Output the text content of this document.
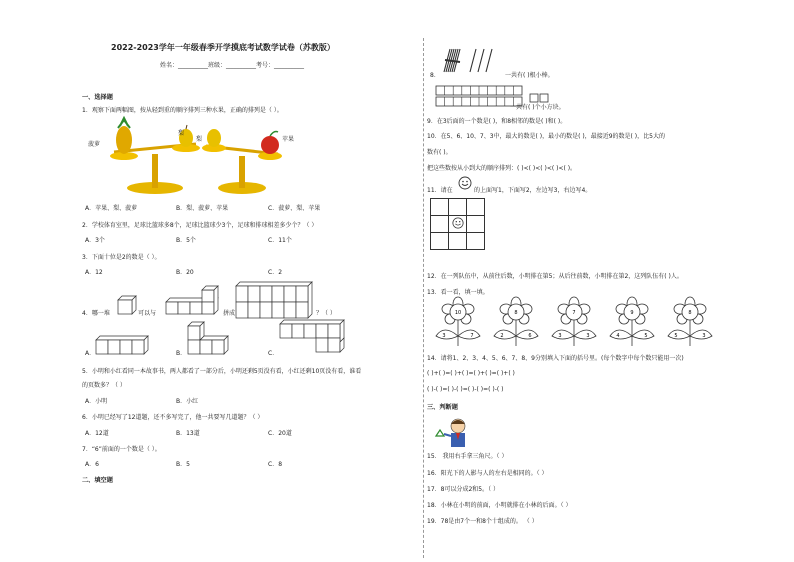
2022-2023学年一年级春季开学摸底考试数学试卷（苏教版）
姓名：__________班级：__________考号：__________
一、选择题
1．观察下面两幅图，按从轻到重的顺序排列三种水果，正确的排列是（ ）。
菠萝
梨
梨	苹果
A．苹果、梨、菠萝	B．梨、菠萝、苹果	C．菠萝、梨、苹果
2．学校体育室里，足球比篮球多8个，足球比篮球少3个，足球和排球相差多少个？（ ）
A．3个	B．5个	C．11个
3．下面十位是2的数是（ ）。
A．12	B．20	C．2
4．哪一堆	可以与	拼成	？（ ）
A．	B．	C．
5．小明和小红看同一本故事书，两人都看了一部分后，小明还剩5页没有看，小红还剩10页没有看，谁看
的页数多？（ ）
A．小明	B．小红
6．小明已经写了12道题，还不多写完了，他一共要写几道题？（ ）
A．12道	B．13道	C．20道
7．“6”前面的一个数是（ ）。
A．6	B．5	C．8
二、填空题
8．	一共有( )根小棒。
一共有( )个小方块。
9．在3后面的一个数是( )，和8相邻的数是( )和( )。
10．在5、6、10、7、3中，最大的数是( )，最小的数是( )，最接近9的数是( )，比5大的
数有( )。
把这些数按从小到大的顺序排列：( )<( )<( )<( )<( )。
11．请在	的上面写1，下面写2，左边写3，右边写4。

12．在一列队伍中，从前往后数，小明排在第5；从后往前数，小明排在第2，这列队伍有( )人。
13．看一看，填一填。
10
3	7
8
2	6
7
3	3
9
4	5
8
5	3
14．请将1、2、3、4、5、6、7、8、9分别填入下面的括号里。(每个数字中每个数只能用一次)
( )+( )=( )+( )=( )+( )=( )+( )
( )-( )=( )-( )=( )-( )=( )-( )
三、判断题
15． 我用右手拿三角尺。（ ）
16．阳光下的人影与人的左右是相同的。（ ）
17．8可以分成2和5。（ ）
18．小林在小明的前面，小明就排在小林的后面。（ ）
19．78是由7个一和8个十组成的。 （ ）
